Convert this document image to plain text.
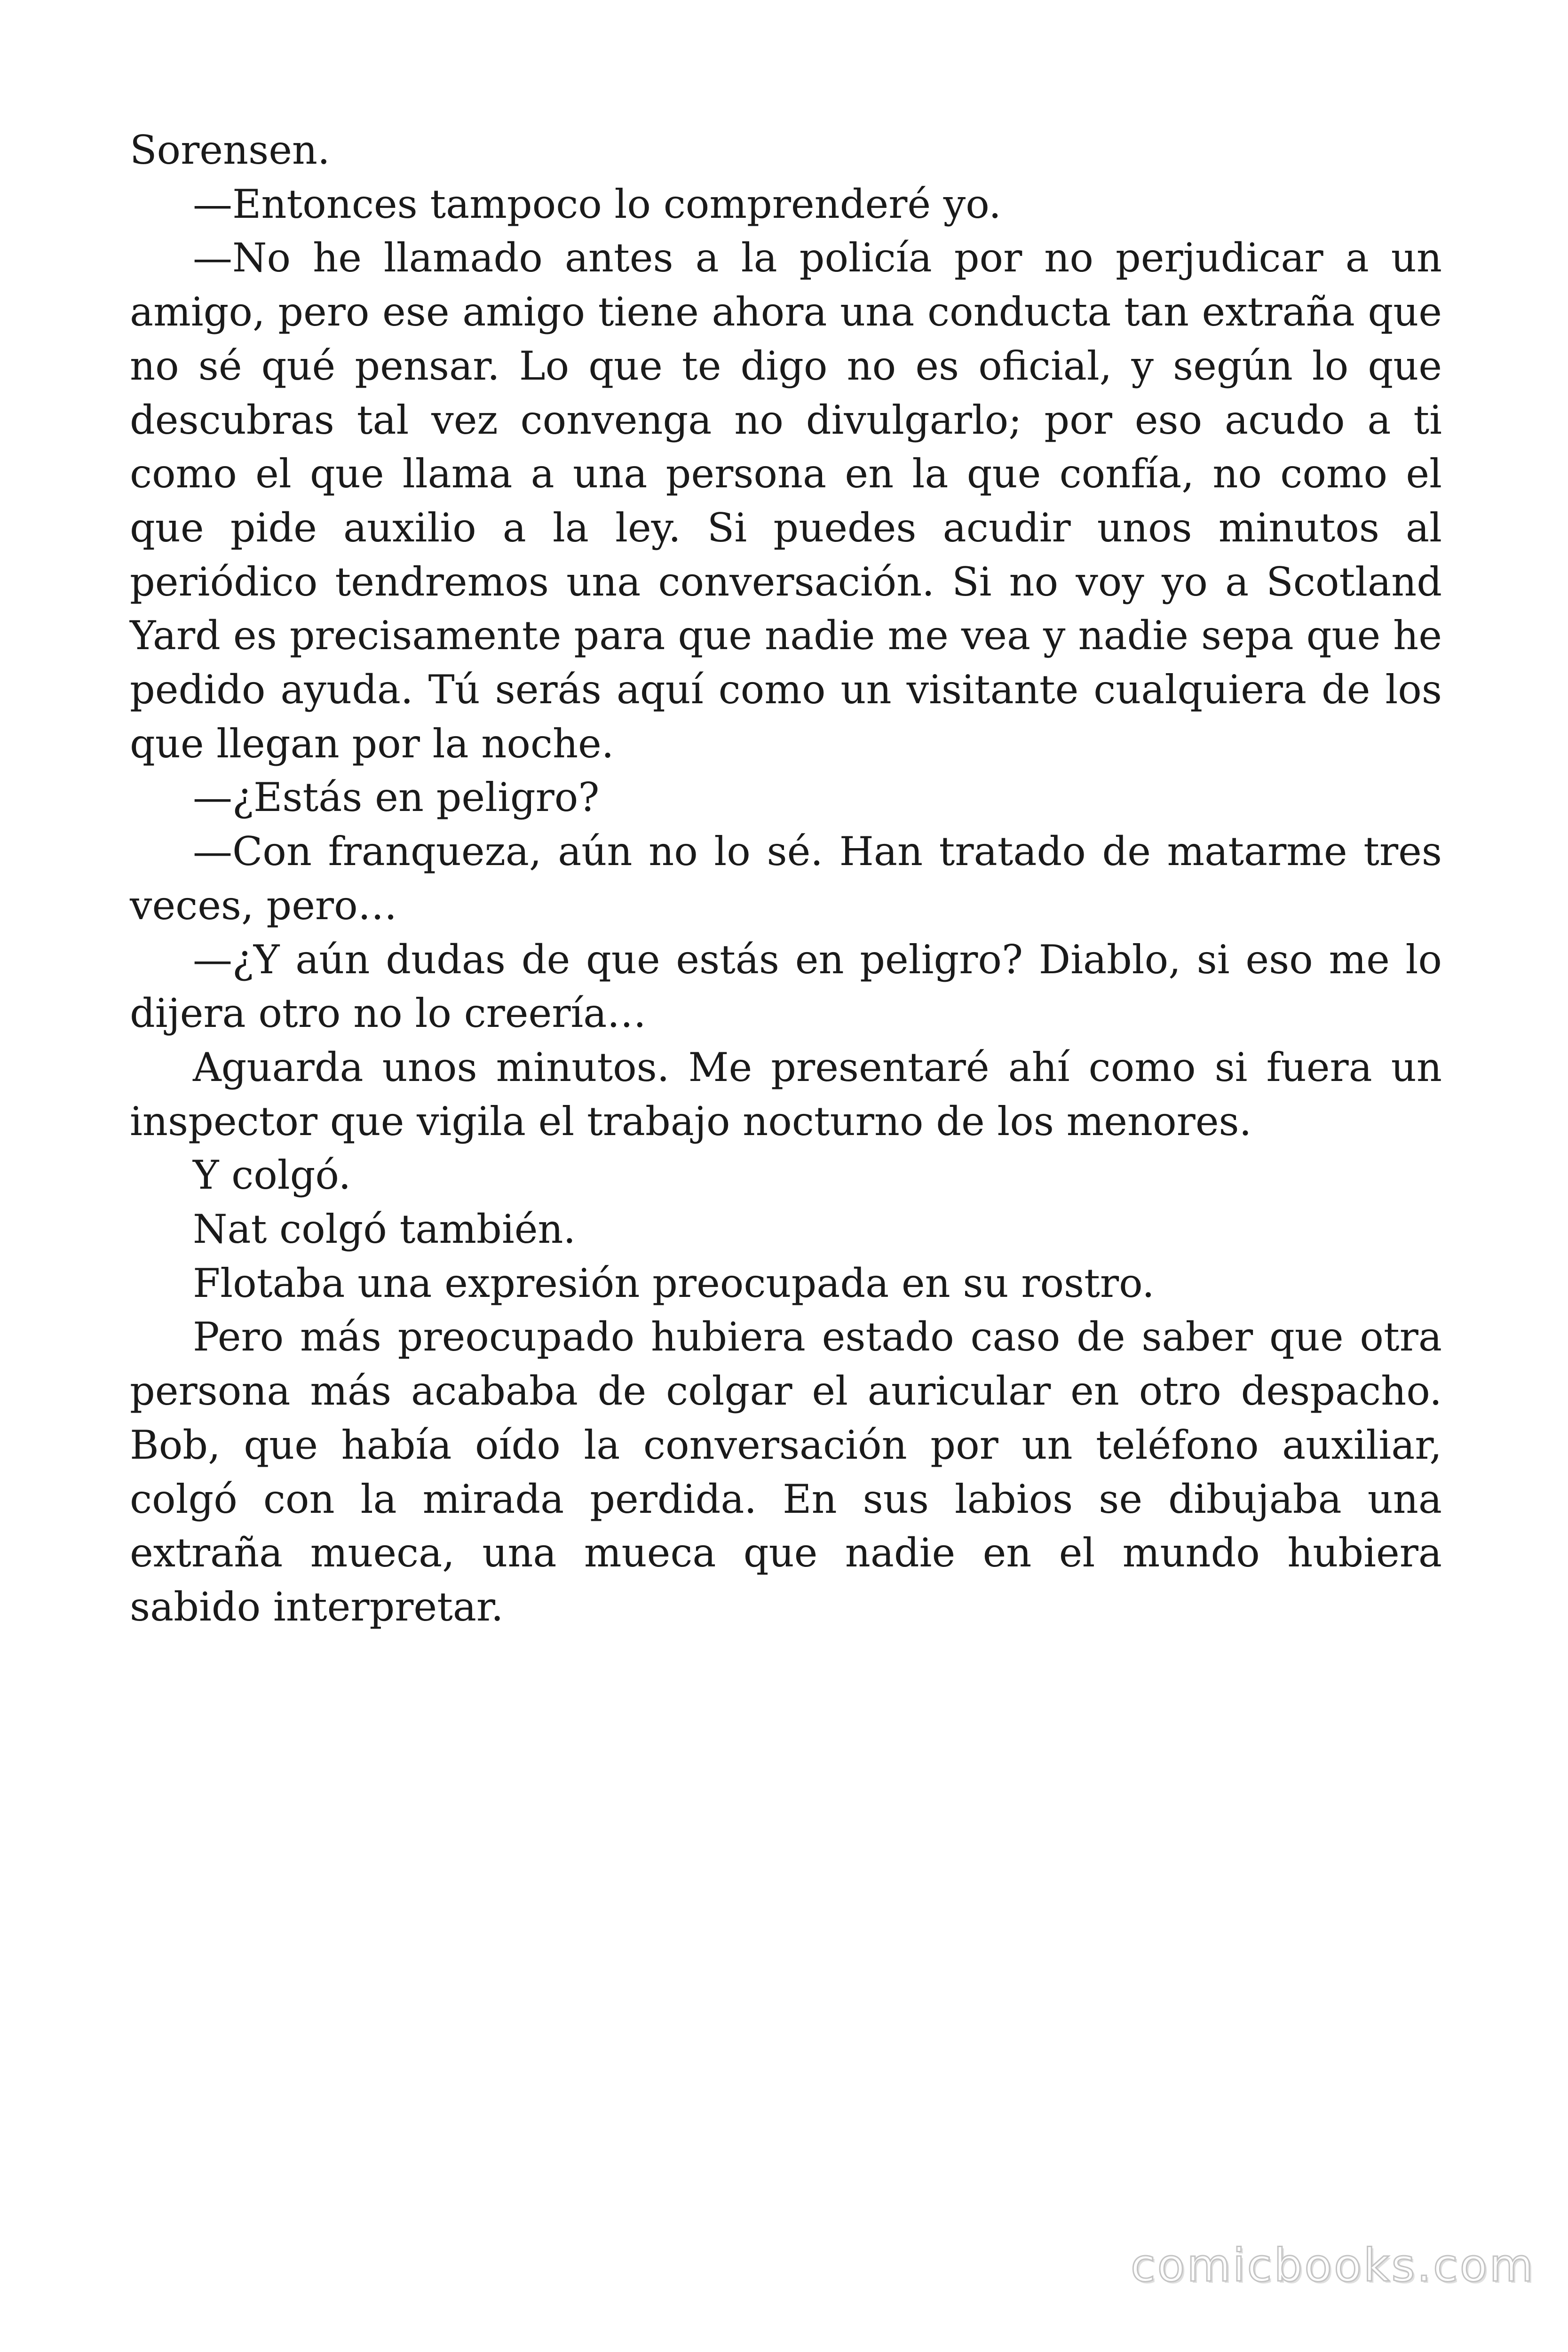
Sorensen.

—Entonces tampoco lo comprenderé yo.

—No he llamado antes a la policía por no perjudicar a un amigo, pero ese amigo tiene ahora una conducta tan extraña que no sé qué pensar. Lo que te digo no es oficial, y según lo que descubras tal vez convenga no divulgarlo; por eso acudo a ti como el que llama a una persona en la que confía, no como el que pide auxilio a la ley. Si puedes acudir unos minutos al periódico tendremos una conversación. Si no voy yo a Scotland Yard es precisamente para que nadie me vea y nadie sepa que he pedido ayuda. Tú serás aquí como un visitante cualquiera de los que llegan por la noche.

—¿Estás en peligro?

—Con franqueza, aún no lo sé. Han tratado de matarme tres veces, pero…

—¿Y aún dudas de que estás en peligro? Diablo, si eso me lo dijera otro no lo creería…

Aguarda unos minutos. Me presentaré ahí como si fuera un inspector que vigila el trabajo nocturno de los menores.

Y colgó.

Nat colgó también.

Flotaba una expresión preocupada en su rostro.

Pero más preocupado hubiera estado caso de saber que otra persona más acababa de colgar el auricular en otro despacho. Bob, que había oído la conversación por un teléfono auxiliar, colgó con la mirada perdida. En sus labios se dibujaba una extraña mueca, una mueca que nadie en el mundo hubiera sabido interpretar.

comicbooks.com
